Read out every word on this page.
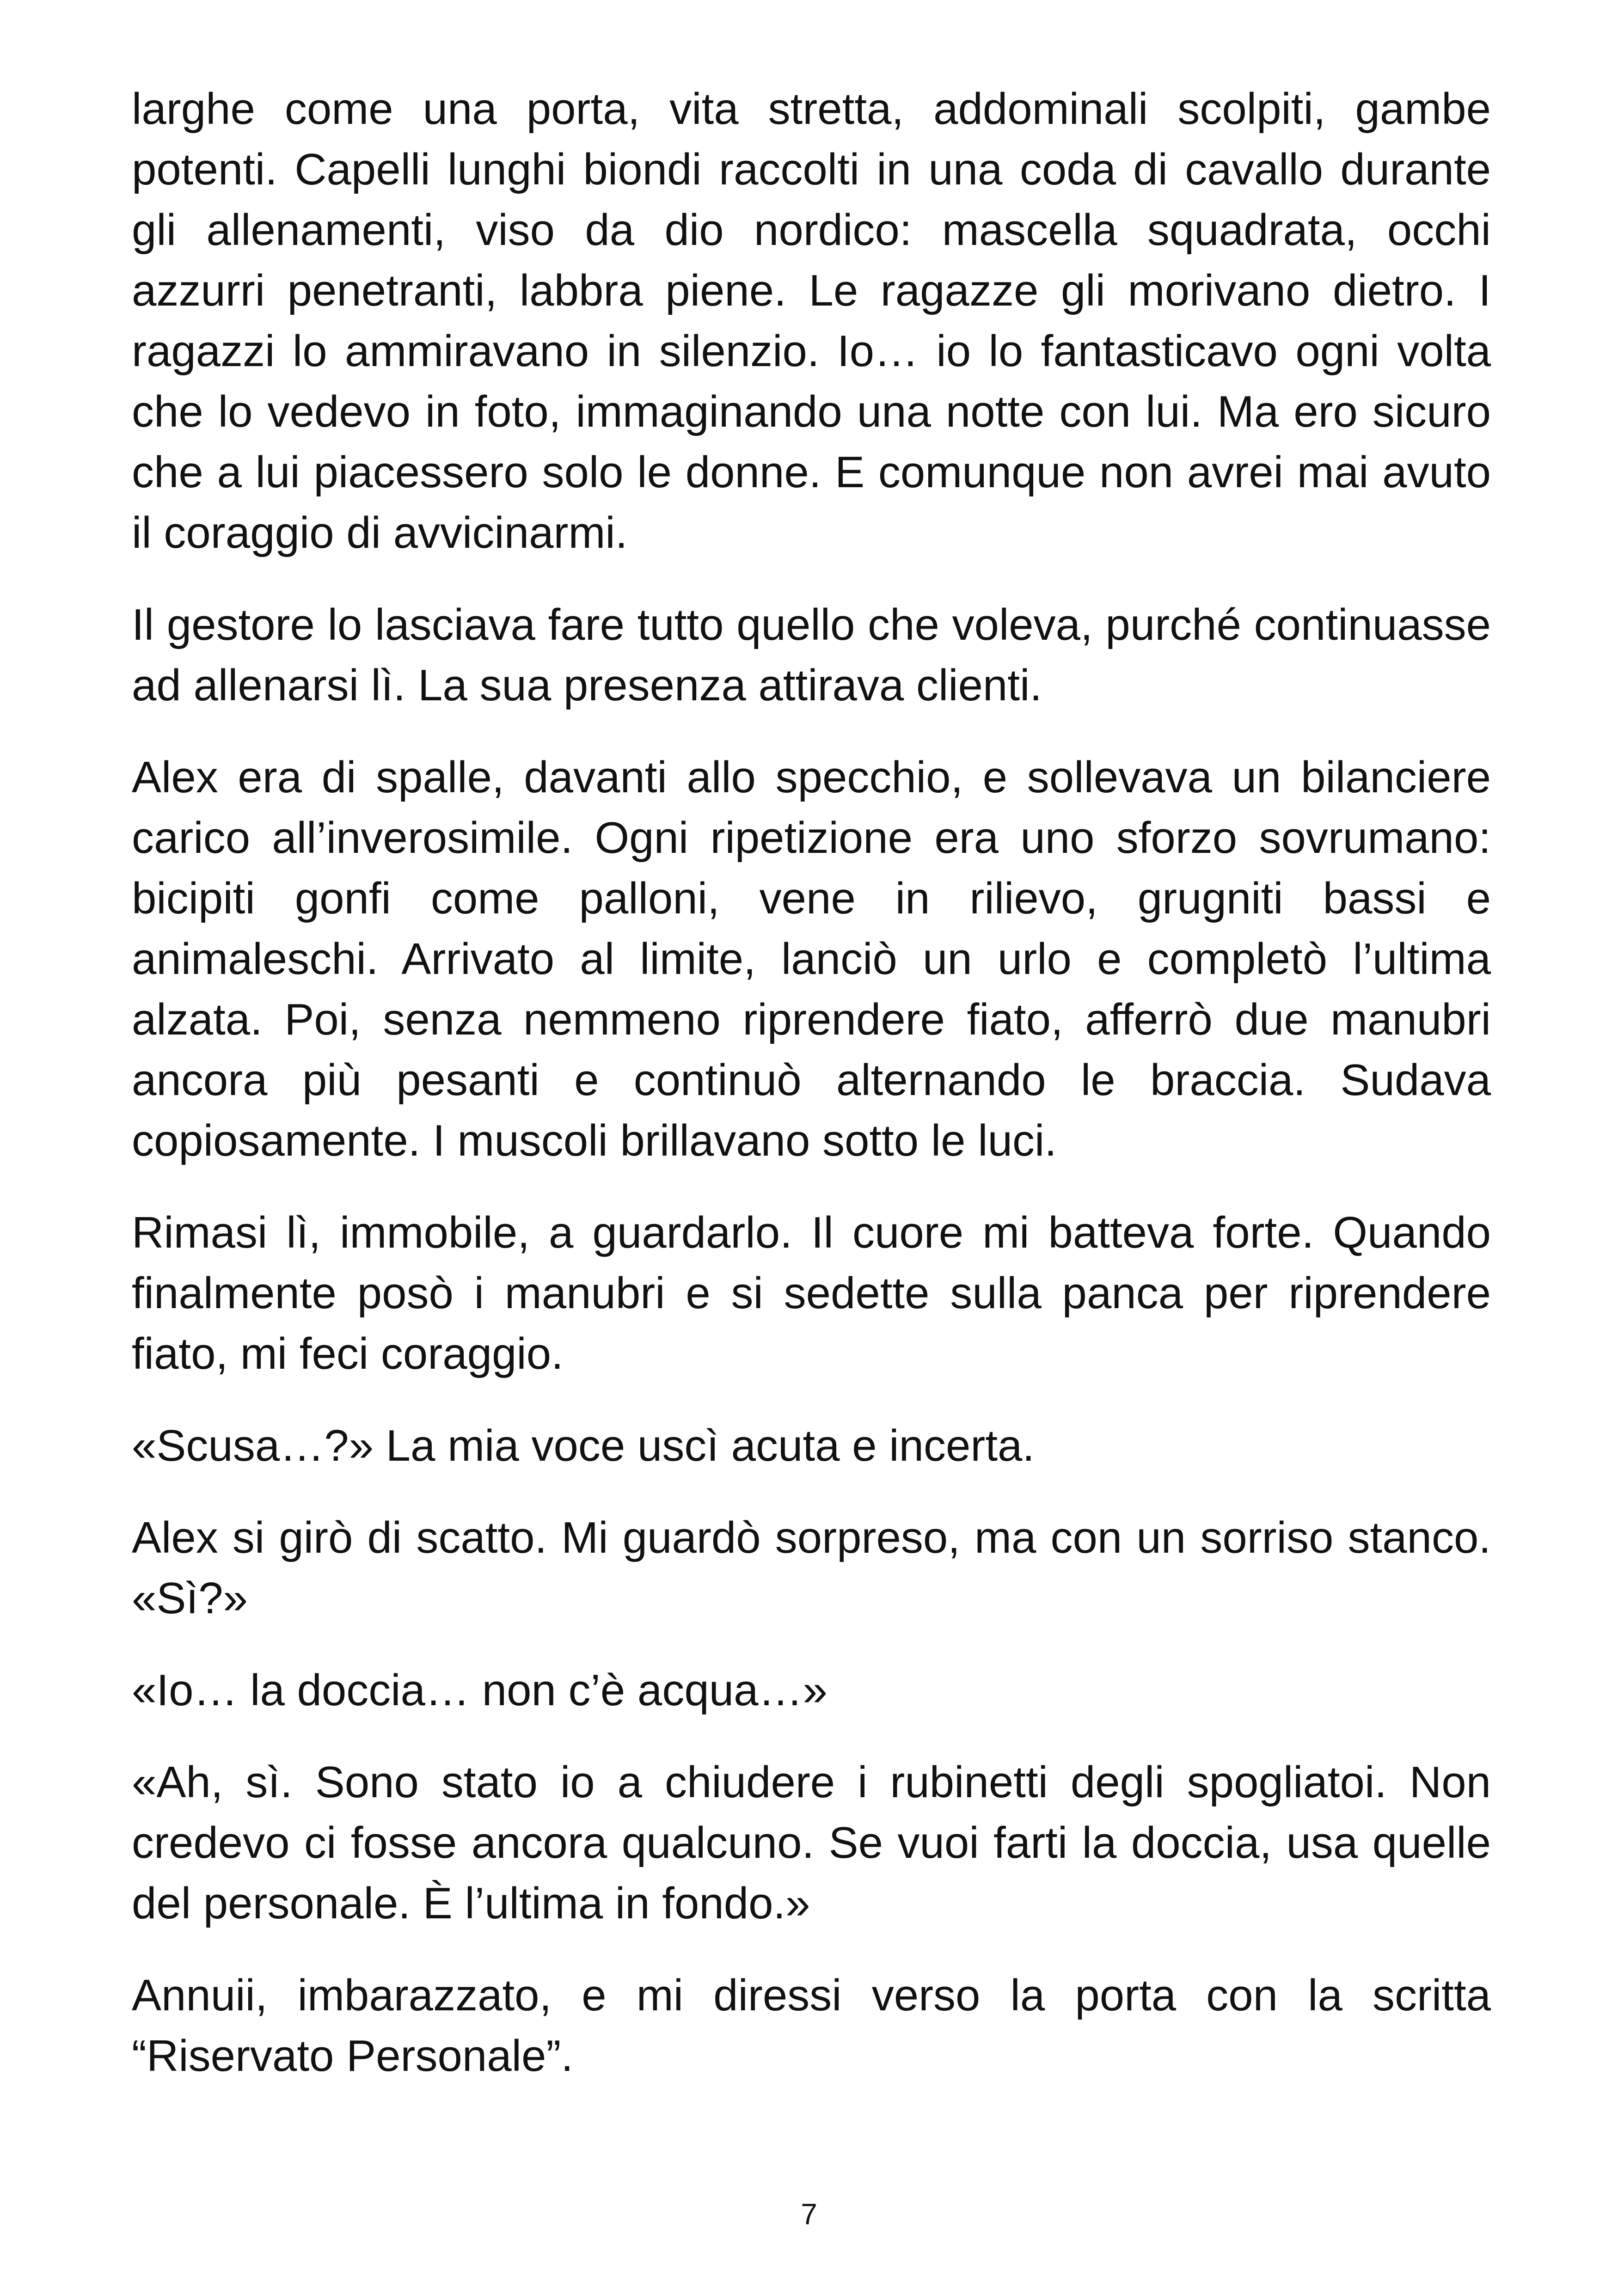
larghe come una porta, vita stretta, addominali scolpiti, gambe potenti. Capelli lunghi biondi raccolti in una coda di cavallo durante gli allenamenti, viso da dio nordico: mascella squadrata, occhi azzurri penetranti, labbra piene. Le ragazze gli morivano dietro. I ragazzi lo ammiravano in silenzio. Io… io lo fantasticavo ogni volta che lo vedevo in foto, immaginando una notte con lui. Ma ero sicuro che a lui piacessero solo le donne. E comunque non avrei mai avuto il coraggio di avvicinarmi.

Il gestore lo lasciava fare tutto quello che voleva, purché continuasse ad allenarsi lì. La sua presenza attirava clienti.

Alex era di spalle, davanti allo specchio, e sollevava un bilanciere carico all’inverosimile. Ogni ripetizione era uno sforzo sovrumano: bicipiti gonfi come palloni, vene in rilievo, grugniti bassi e animaleschi. Arrivato al limite, lanciò un urlo e completò l’ultima alzata. Poi, senza nemmeno riprendere fiato, afferrò due manubri ancora più pesanti e continuò alternando le braccia. Sudava copiosamente. I muscoli brillavano sotto le luci.

Rimasi lì, immobile, a guardarlo. Il cuore mi batteva forte. Quando finalmente posò i manubri e si sedette sulla panca per riprendere fiato, mi feci coraggio.

«Scusa…?» La mia voce uscì acuta e incerta.

Alex si girò di scatto. Mi guardò sorpreso, ma con un sorriso stanco. «Sì?»

«Io… la doccia… non c’è acqua…»

«Ah, sì. Sono stato io a chiudere i rubinetti degli spogliatoi. Non credevo ci fosse ancora qualcuno. Se vuoi farti la doccia, usa quelle del personale. È l’ultima in fondo.»

Annuii, imbarazzato, e mi diressi verso la porta con la scritta “Riservato Personale”.

7
